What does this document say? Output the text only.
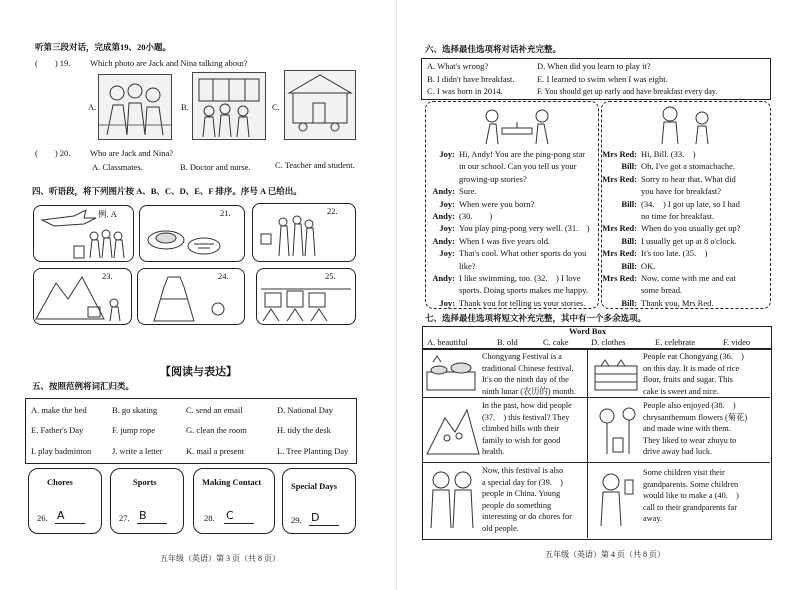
听第三段对话，完成第19、20小题。
(　　) 19. Which photo are Jack and Nina talking about?
A.	B.	C.
(　　) 20. Who are Jack and Nina?
A. Classmates.	B. Doctor and nurse.	C. Teacher and student.
四、听语段，将下列图片按 A、B、C、D、E、F 排序。序号 A 已给出。
例. A	21.	22.
23.	24.	25.
【阅读与表达】
五、按照范例将词汇归类。
A. make the bed	B. go skating	C. send an email	D. National Day
E. Father's Day	F. jump rope	G. clean the room	H. tidy the desk
I. play badminton J. write a letter	K. mail a present	L. Tree Planting Day
Chores
26. A
Sports
27. B
Making Contact
28. C
Special Days
29. D
五年级（英语）第 3 页（共 8 页）
六、选择最佳选项将对话补充完整。
A. What's wrong?	D. When did you learn to play it?
B. I didn't have breakfast.	E. I learned to swim when I was eight.
C. I was born in 2014.	F. You should get up early and have breakfast every day.
Joy: Hi, Andy! You are the ping-pong star
in our school. Can you tell us your
growing-up stories?
Andy: Sure.
Joy: When were you born?
Andy: (30.　　)
Joy: You play ping-pong very well. (31.　)
Andy: When I was five years old.
Joy: That's cool. What other sports do you
like?
Andy: I like swimming, too. (32.　) I love
sports. Doing sports makes me happy.
Joy: Thank you for telling us your stories.
Mrs Red: Hi, Bill. (33.　)
Bill: Oh, I've got a stomachache.
Mrs Red: Sorry to hear that. What did
you have for breakfast?
Bill: (34.　) I got up late, so I had
no time for breakfast.
Mrs Red: When do you usually get up?
Bill: I usually get up at 8 o'clock.
Mrs Red: It's too late. (35.　)
Bill: OK.
Mrs Red: Now, come with me and eat
some bread.
Bill: Thank you, Mrs Red.
七、选择最佳选项将短文补充完整，其中有一个多余选项。
Word Box
A. beautiful	B. old	C. cake	D. clothes	E. celebrate	F. video
Chongyang Festival is a
traditional Chinese festival.
It's on the ninth day of the
ninth lunar (农历的) month.
People eat Chongyang (36.　)
on this day. It is made of rice
flour, fruits and sugar. This
cake is sweet and nice.
In the past, how did people
(37.　) this festival? They
climbed hills with their
family to wish for good
health.
People also enjoyed (38.　)
chrysanthemum flowers (菊花)
and made wine with them.
They liked to wear zhuyu to
drive away bad luck.
Now, this festival is also
a special day for (39.　)
people in China. Young
people do something
interesting or do chores for
old people.
Some children visit their
grandparents. Some children
would like to make a (40.　)
call to their grandparents far
away.
五年级（英语）第 4 页（共 8 页）
